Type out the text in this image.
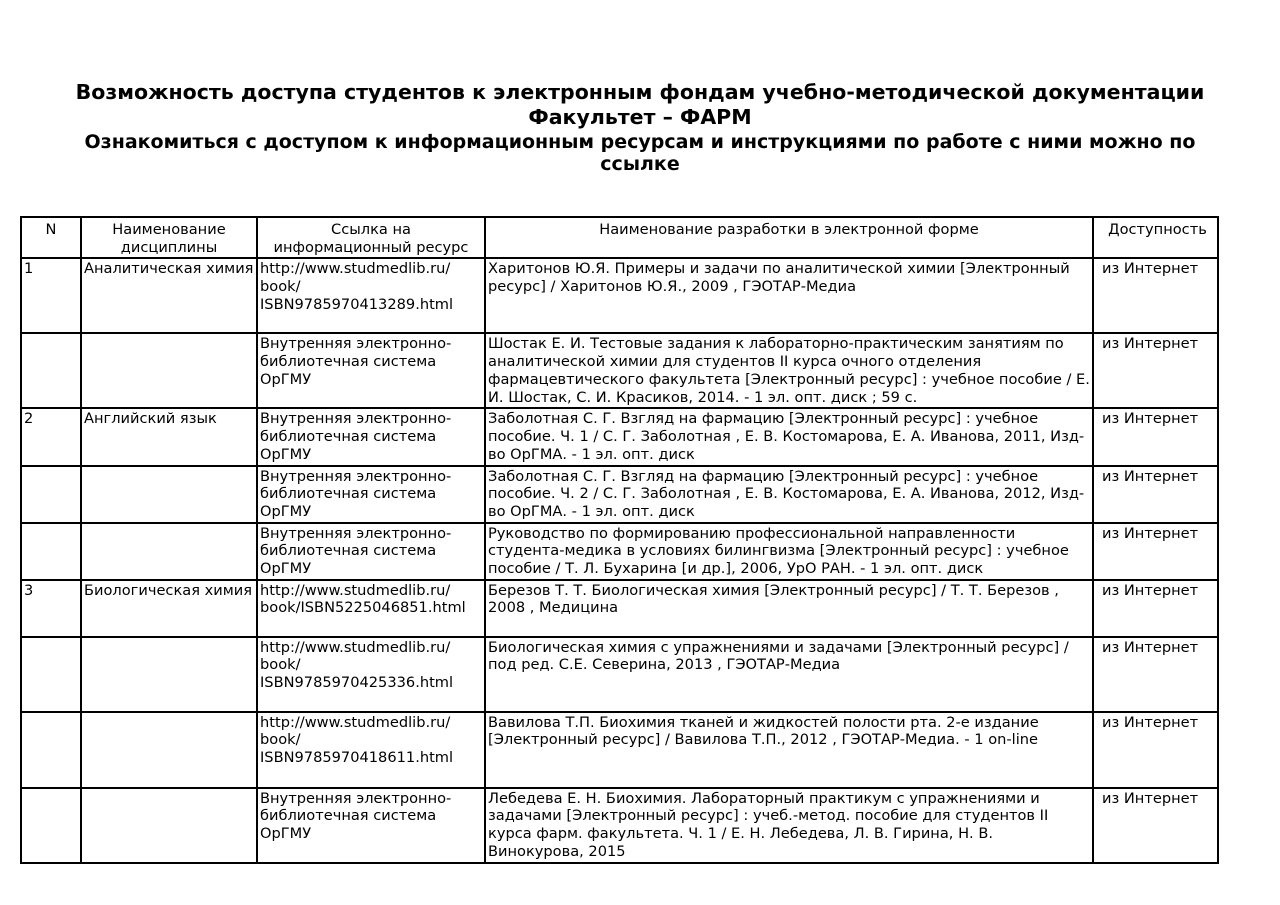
Возможность доступа студентов к электронным фондам учебно-методической документации
Факультет – ФАРМ
Ознакомиться с доступом к информационным ресурсам и инструкциями по работе с ними можно по ссылке
N	Наименование дисциплины	Ссылка на информационный ресурс	Наименование разработки в электронной форме	Доступность
1	Аналитическая химия	http://www.studmedlib.ru/ book/ ISBN9785970413289.html	Харитонов Ю.Я. Примеры и задачи по аналитической химии [Электронный ресурс] / Харитонов Ю.Я., 2009 , ГЭОТАР-Медиа	из Интернет
		Внутренняя электронно-библиотечная система ОрГМУ	Шостак Е. И. Тестовые задания к лабораторно-практическим занятиям по аналитической химии для студентов II курса очного отделения фармацевтического факультета [Электронный ресурс] : учебное пособие / Е. И. Шостак, С. И. Красиков, 2014. - 1 эл. опт. диск ; 59 с.	из Интернет
2	Английский язык	Внутренняя электронно-библиотечная система ОрГМУ	Заболотная С. Г. Взгляд на фармацию [Электронный ресурс] : учебное пособие. Ч. 1 / С. Г. Заболотная , Е. В. Костомарова, Е. А. Иванова, 2011, Изд-во ОрГМА. - 1 эл. опт. диск	из Интернет
		Внутренняя электронно-библиотечная система ОрГМУ	Заболотная С. Г. Взгляд на фармацию [Электронный ресурс] : учебное пособие. Ч. 2 / С. Г. Заболотная , Е. В. Костомарова, Е. А. Иванова, 2012, Изд-во ОрГМА. - 1 эл. опт. диск	из Интернет
		Внутренняя электронно-библиотечная система ОрГМУ	Руководство по формированию профессиональной направленности студента-медика в условиях билингвизма [Электронный ресурс] : учебное пособие / Т. Л. Бухарина [и др.], 2006, УрО РАН. - 1 эл. опт. диск	из Интернет
3	Биологическая химия	http://www.studmedlib.ru/ book/ISBN5225046851.html	Березов Т. Т. Биологическая химия [Электронный ресурс] / Т. Т. Березов , 2008 , Медицина	из Интернет
		http://www.studmedlib.ru/ book/ ISBN9785970425336.html	Биологическая химия с упражнениями и задачами [Электронный ресурс] / под ред. С.Е. Северина, 2013 , ГЭОТАР-Медиа	из Интернет
		http://www.studmedlib.ru/ book/ ISBN9785970418611.html	Вавилова Т.П. Биохимия тканей и жидкостей полости рта. 2-е издание [Электронный ресурс] / Вавилова Т.П., 2012 , ГЭОТАР-Медиа. - 1 on-line	из Интернет
		Внутренняя электронно-библиотечная система ОрГМУ	Лебедева Е. Н. Биохимия. Лабораторный практикум с упражнениями и задачами [Электронный ресурс] : учеб.-метод. пособие для студентов II курса фарм. факультета. Ч. 1 / Е. Н. Лебедева, Л. В. Гирина, Н. В. Винокурова, 2015	из Интернет
